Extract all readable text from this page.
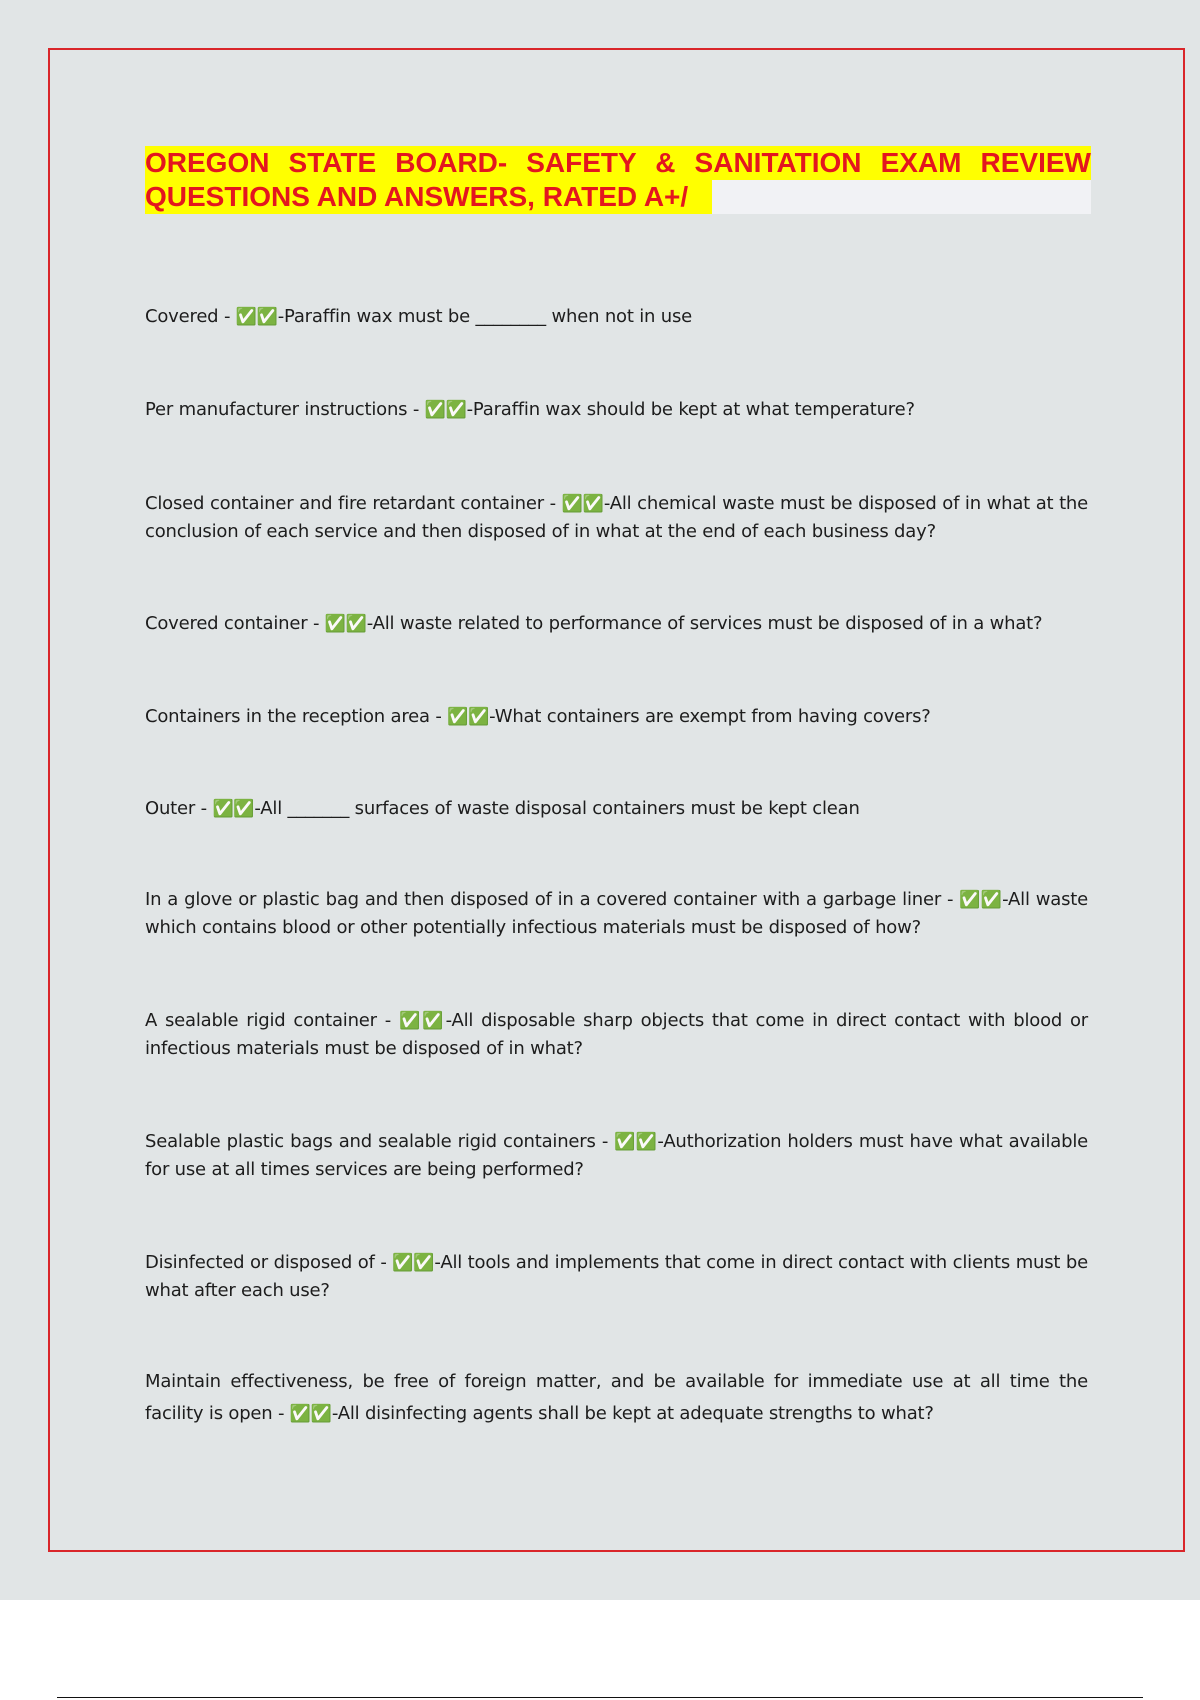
OREGON STATE BOARD- SAFETY & SANITATION EXAM REVIEW
QUESTIONS AND ANSWERS, RATED A+/
Covered - ✅✅-Paraffin wax must be ________ when not in use
Per manufacturer instructions - ✅✅-Paraffin wax should be kept at what temperature?
Closed container and fire retardant container - ✅✅-All chemical waste must be disposed of in what at the conclusion of each service and then disposed of in what at the end of each business day?
Covered container - ✅✅-All waste related to performance of services must be disposed of in a what?
Containers in the reception area - ✅✅-What containers are exempt from having covers?
Outer - ✅✅-All _______ surfaces of waste disposal containers must be kept clean
In a glove or plastic bag and then disposed of in a covered container with a garbage liner - ✅✅-All waste which contains blood or other potentially infectious materials must be disposed of how?
A sealable rigid container - ✅✅-All disposable sharp objects that come in direct contact with blood or infectious materials must be disposed of in what?
Sealable plastic bags and sealable rigid containers - ✅✅-Authorization holders must have what available for use at all times services are being performed?
Disinfected or disposed of - ✅✅-All tools and implements that come in direct contact with clients must be what after each use?
Maintain effectiveness, be free of foreign matter, and be available for immediate use at all time the facility is open - ✅✅-All disinfecting agents shall be kept at adequate strengths to what?
